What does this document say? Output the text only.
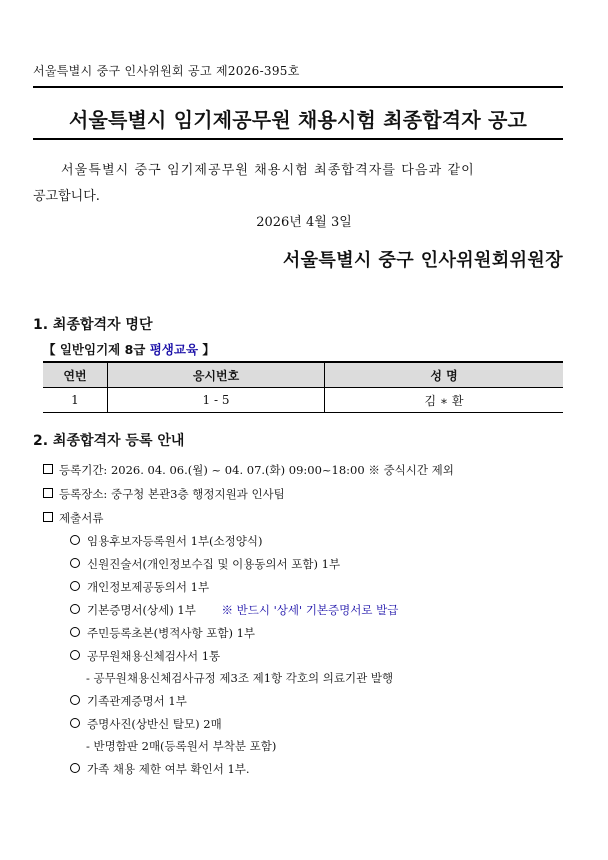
서울특별시 중구 인사위원회 공고 제2026-395호
서울특별시 임기제공무원 채용시험 최종합격자 공고
서울특별시 중구 임기제공무원 채용시험 최종합격자를 다음과 같이
공고합니다.
2026년 4월 3일
서울특별시 중구 인사위원회위원장
1. 최종합격자 명단
【 일반임기제 8급 평생교육 】
연번	응시번호	성 명
1	1 - 5	김 ∗ 환
2. 최종합격자 등록 안내
등록기간: 2026. 04. 06.(월) ~ 04. 07.(화) 09:00~18:00 ※ 중식시간 제외
등록장소: 중구청 본관3층 행정지원과 인사팀
제출서류
임용후보자등록원서 1부(소정양식)
신원진술서(개인정보수집 및 이용동의서 포함) 1부
개인정보제공동의서 1부
기본증명서(상세) 1부 ※ 반드시 '상세' 기본증명서로 발급
주민등록초본(병적사항 포함) 1부
공무원채용신체검사서 1통
- 공무원채용신체검사규정 제3조 제1항 각호의 의료기관 발행
기족관계증명서 1부
증명사진(상반신 탈모) 2매
- 반명함판 2매(등록원서 부착분 포함)
가족 채용 제한 여부 확인서 1부.
